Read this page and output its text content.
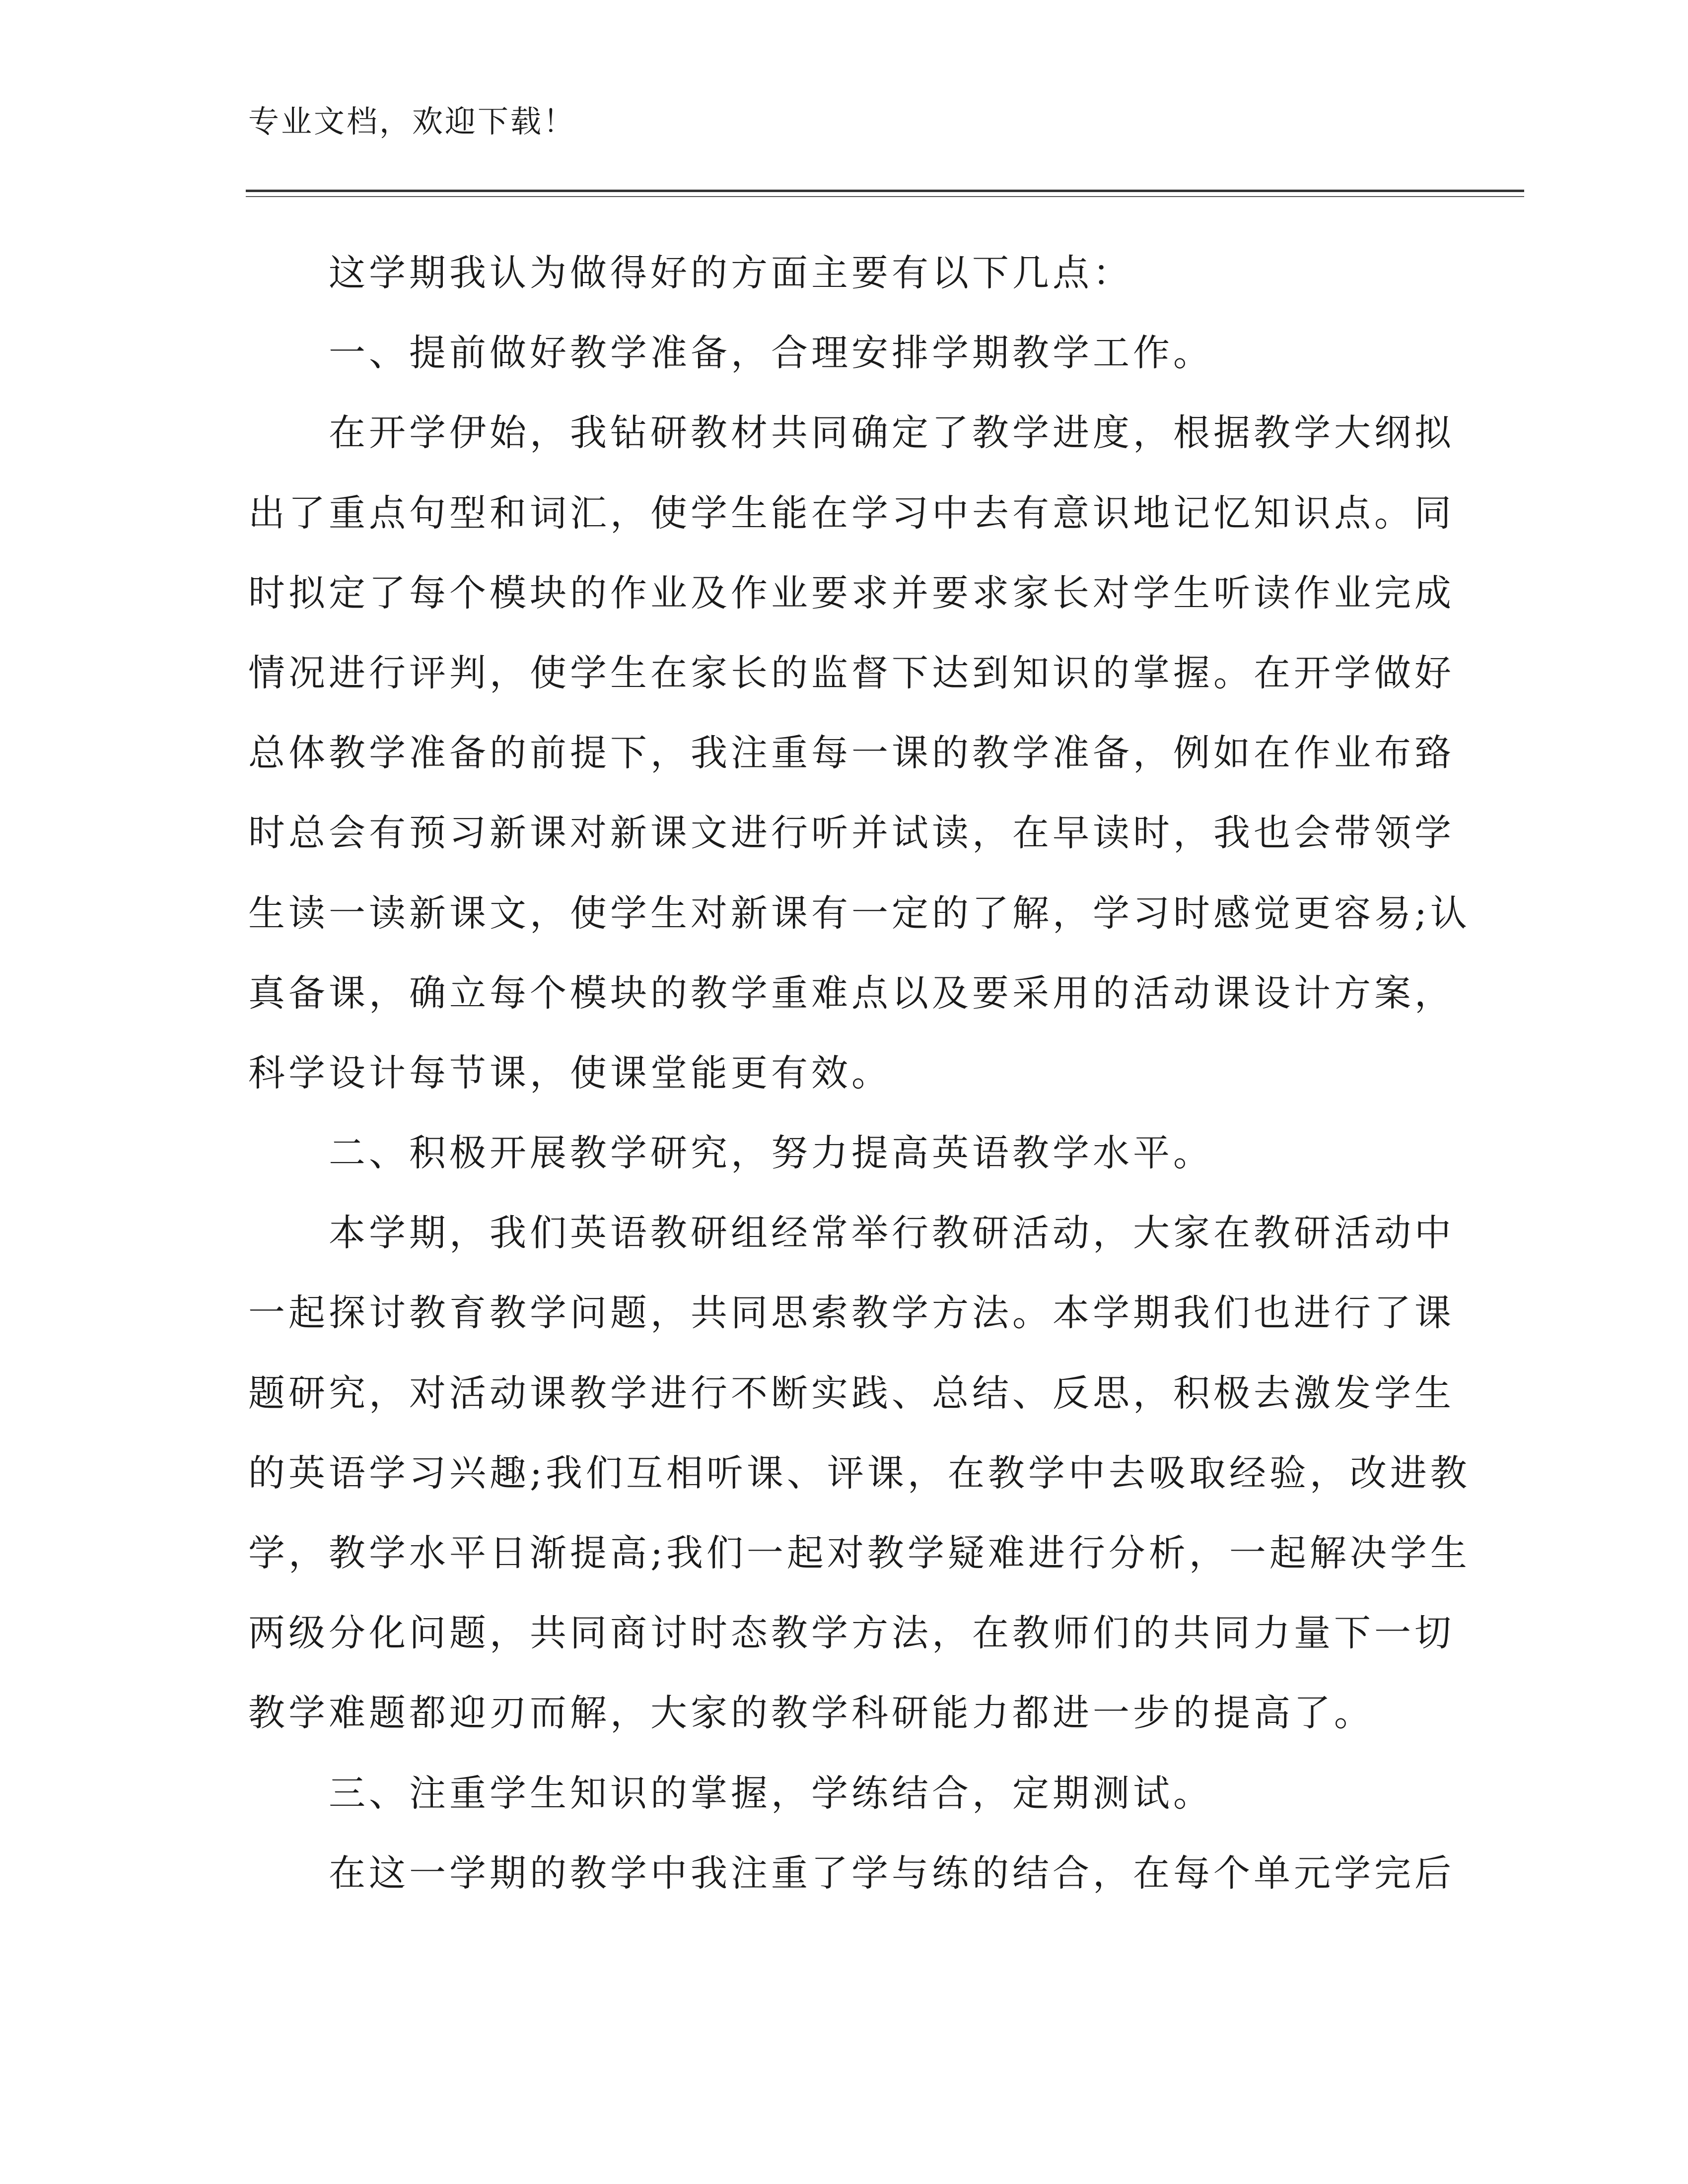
专业文档，欢迎下载！
这学期我认为做得好的方面主要有以下几点：
一、提前做好教学准备，合理安排学期教学工作。
在开学伊始，我钻研教材共同确定了教学进度，根据教学大纲拟
出了重点句型和词汇，使学生能在学习中去有意识地记忆知识点。同
时拟定了每个模块的作业及作业要求并要求家长对学生听读作业完成
情况进行评判，使学生在家长的监督下达到知识的掌握。在开学做好
总体教学准备的前提下，我注重每一课的教学准备，例如在作业布臵
时总会有预习新课对新课文进行听并试读，在早读时，我也会带领学
生读一读新课文，使学生对新课有一定的了解，学习时感觉更容易;认
真备课，确立每个模块的教学重难点以及要采用的活动课设计方案，
科学设计每节课，使课堂能更有效。
二、积极开展教学研究，努力提高英语教学水平。
本学期，我们英语教研组经常举行教研活动，大家在教研活动中
一起探讨教育教学问题，共同思索教学方法。本学期我们也进行了课
题研究，对活动课教学进行不断实践、总结、反思，积极去激发学生
的英语学习兴趣;我们互相听课、评课，在教学中去吸取经验，改进教
学，教学水平日渐提高;我们一起对教学疑难进行分析，一起解决学生
两级分化问题，共同商讨时态教学方法，在教师们的共同力量下一切
教学难题都迎刃而解，大家的教学科研能力都进一步的提高了。
三、注重学生知识的掌握，学练结合，定期测试。
在这一学期的教学中我注重了学与练的结合，在每个单元学完后
